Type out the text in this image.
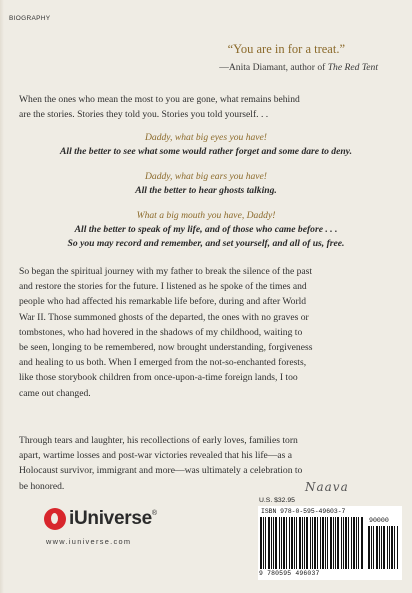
BIOGRAPHY
“You are in for a treat.”
—Anita Diamant, author of The Red Tent
When the ones who mean the most to you are gone, what remains behind
are the stories. Stories they told you. Stories you told yourself. . .
Daddy, what big eyes you have!
All the better to see what some would rather forget and some dare to deny.
Daddy, what big ears you have!
All the better to hear ghosts talking.
What a big mouth you have, Daddy!
All the better to speak of my life, and of those who came before . . .
So you may record and remember, and set yourself, and all of us, free.
So began the spiritual journey with my father to break the silence of the past
and restore the stories for the future. I listened as he spoke of the times and
people who had affected his remarkable life before, during and after World
War II. Those summoned ghosts of the departed, the ones with no graves or
tombstones, who had hovered in the shadows of my childhood, waiting to
be seen, longing to be remembered, now brought understanding, forgiveness
and healing to us both. When I emerged from the not-so-enchanted forests,
like those storybook children from once-upon-a-time foreign lands, I too
came out changed.
Through tears and laughter, his recollections of early loves, families torn
apart, wartime losses and post-war victories revealed that his life—as a
Holocaust survivor, immigrant and more—was ultimately a celebration to
be honored.	Naava
iUniverse ®
www.iuniverse.com
U.S. $32.95
ISBN 978-0-595-49603-7
90000
9 780595 496037
